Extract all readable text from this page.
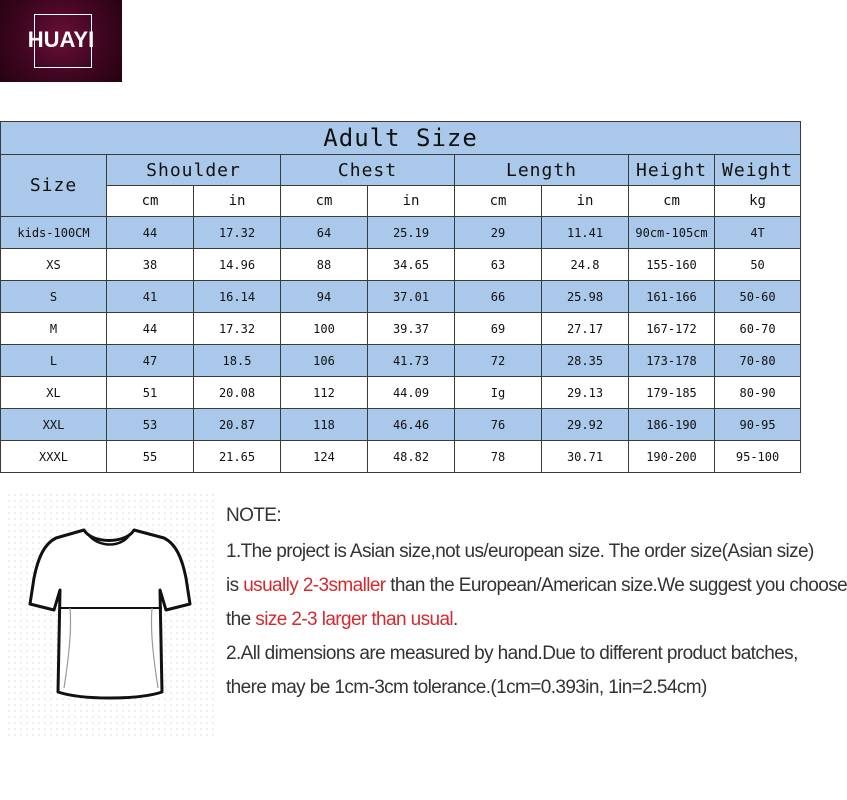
HUAYI
Adult Size								
Size	Shoulder		Chest		Length		Height	Weight
	cm	in	cm	in	cm	in	cm	kg
kids-100CM	44	17.32	64	25.19	29	11.41	90cm-105cm	4T
XS	38	14.96	88	34.65	63	24.8	155-160	50
S	41	16.14	94	37.01	66	25.98	161-166	50-60
M	44	17.32	100	39.37	69	27.17	167-172	60-70
L	47	18.5	106	41.73	72	28.35	173-178	70-80
XL	51	20.08	112	44.09	Ig	29.13	179-185	80-90
XXL	53	20.87	118	46.46	76	29.92	186-190	90-95
XXXL	55	21.65	124	48.82	78	30.71	190-200	95-100
NOTE:
1.The project is Asian size,not us/european size. The order size(Asian size)
is usually 2-3smaller than the European/American size.We suggest you choose
the size 2-3 larger than usual.
2.All dimensions are measured by hand.Due to different product batches,
there may be 1cm-3cm tolerance.(1cm=0.393in, 1in=2.54cm)
